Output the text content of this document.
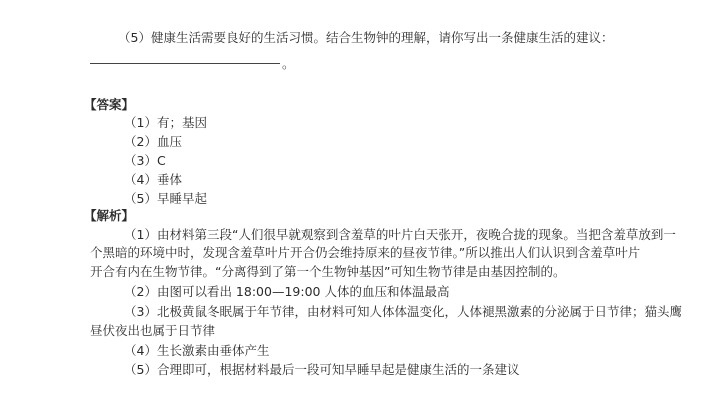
（5）健康生活需要良好的生活习惯。结合生物钟的理解，请你写出一条健康生活的建议：
。
【答案】
（1）有；基因
（2）血压
（3）C
（4）垂体
（5）早睡早起
【解析】
（1）由材料第三段“人们很早就观察到含羞草的叶片白天张开，夜晚合拢的现象。当把含羞草放到一
个黑暗的环境中时，发现含羞草叶片开合仍会维持原来的昼夜节律。”所以推出人们认识到含羞草叶片
开合有内在生物节律。“分离得到了第一个生物钟基因”可知生物节律是由基因控制的。
（2）由图可以看出 18:00—19:00 人体的血压和体温最高
（3）北极黄鼠冬眠属于年节律，由材料可知人体体温变化，人体褪黑激素的分泌属于日节律；猫头鹰
昼伏夜出也属于日节律
（4）生长激素由垂体产生
（5）合理即可，根据材料最后一段可知早睡早起是健康生活的一条建议
